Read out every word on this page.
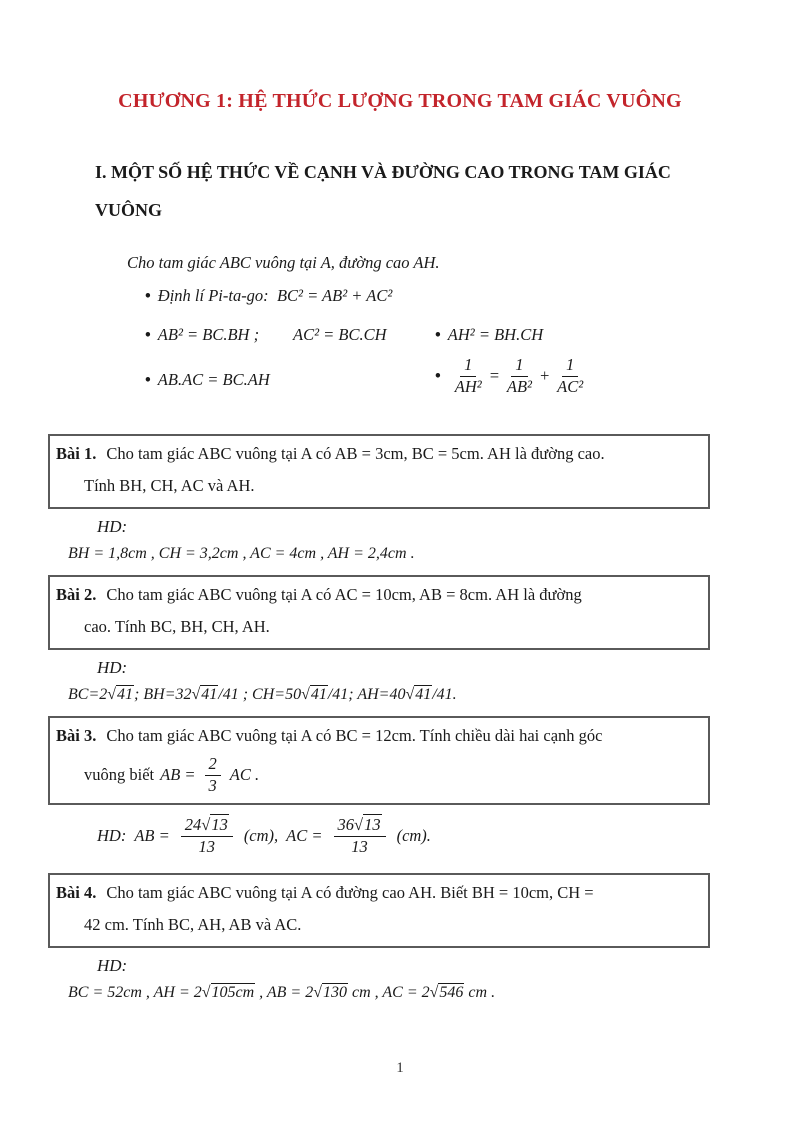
CHƯƠNG 1: HỆ THỨC LƯỢNG TRONG TAM GIÁC VUÔNG
I. MỘT SỐ HỆ THỨC VỀ CẠNH VÀ ĐƯỜNG CAO TRONG TAM GIÁC
VUÔNG
Cho tam giác ABC vuông tại A, đường cao AH.
• Định lí Pi-ta-go: BC² = AB² + AC²
• AB² = BC.BH ; AC² = BC.CH •	AH² = BH.CH
• AB.AC = BC.AH
•	$\frac{1}{\text{AH²}} = \frac{1}{\text{AB²}} + \frac{1}{\text{AC²}}$
Bài 1. Cho tam giác ABC vuông tại A có AB = 3cm, BC = 5cm. AH là đường cao.
Tính BH, CH, AC và AH.
HD:
BH = 1,8cm , CH = 3,2cm , AC = 4cm , AH = 2,4cm .
Bài 2. Cho tam giác ABC vuông tại A có AC = 10cm, AB = 8cm. AH là đường
cao. Tính BC, BH, CH, AH.
HD:
BC=2 √ 41; BH=32 √ 41/41 ; CH=50 √ 41/41; AH=40 √ 41/41.
Bài 3. Cho tam giác ABC vuông tại A có BC = 12cm. Tính chiều dài hai cạnh góc
vuông biết AB = $\frac{2}{3}$ AC .
HD: AB = $\frac{24 √ 13}{13} (cm)$, AC = $\frac{36 √ 13}{13} (cm)$.
Bài 4. Cho tam giác ABC vuông tại A có đường cao AH. Biết BH = 10cm, CH =
42 cm. Tính BC, AH, AB và AC.
HD:
BC = 52cm , AH = 2 √ 105cm , AB = 2 √ 130 cm , AC = 2 √ 546 cm .
1
